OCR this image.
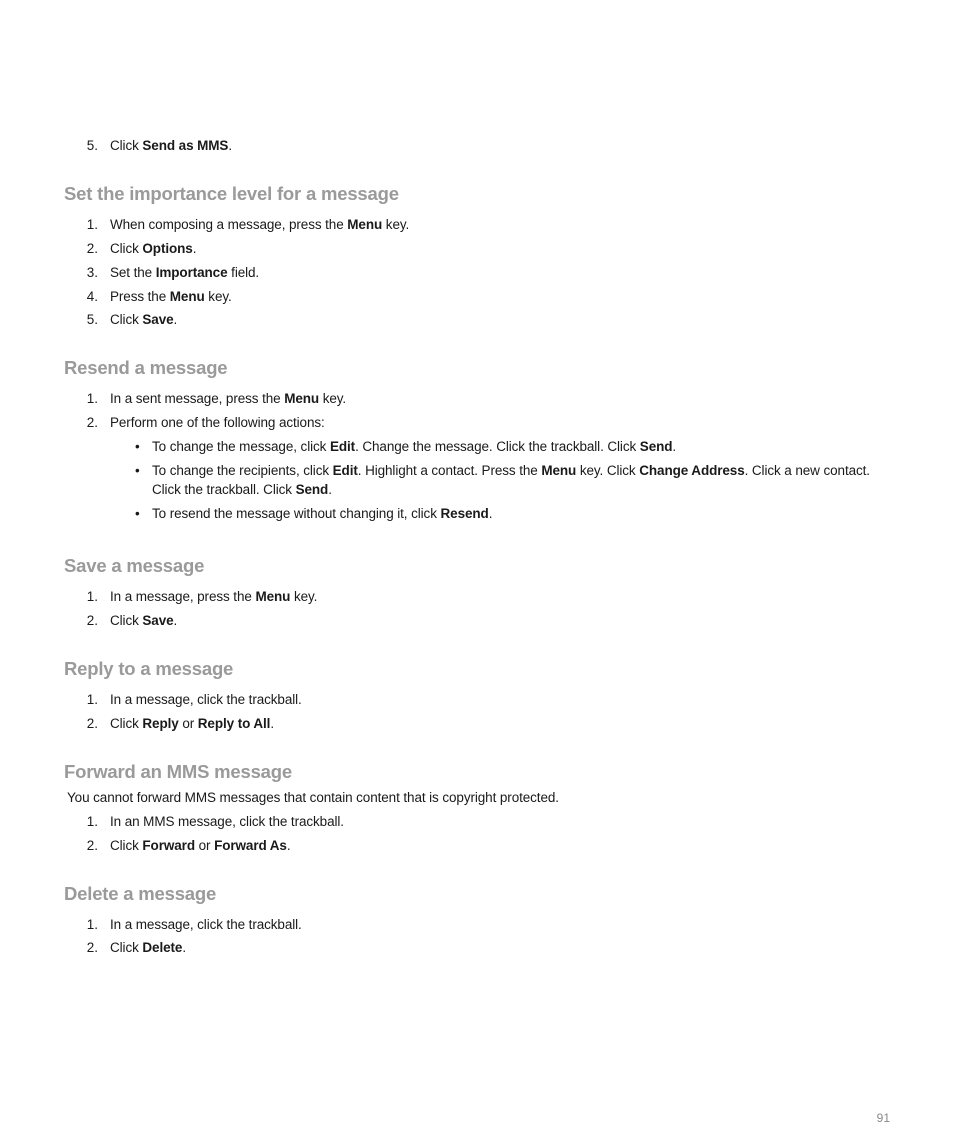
5. Click Send as MMS.
Set the importance level for a message
1. When composing a message, press the Menu key.
2. Click Options.
3. Set the Importance field.
4. Press the Menu key.
5. Click Save.
Resend a message
1. In a sent message, press the Menu key.
2. Perform one of the following actions:
• To change the message, click Edit. Change the message. Click the trackball. Click Send.
• To change the recipients, click Edit. Highlight a contact. Press the Menu key. Click Change Address. Click a new contact.
Click the trackball. Click Send.
• To resend the message without changing it, click Resend.
Save a message
1. In a message, press the Menu key.
2. Click Save.
Reply to a message
1. In a message, click the trackball.
2. Click Reply or Reply to All.
Forward an MMS message
You cannot forward MMS messages that contain content that is copyright protected.
1. In an MMS message, click the trackball.
2. Click Forward or Forward As.
Delete a message
1. In a message, click the trackball.
2. Click Delete.
91
